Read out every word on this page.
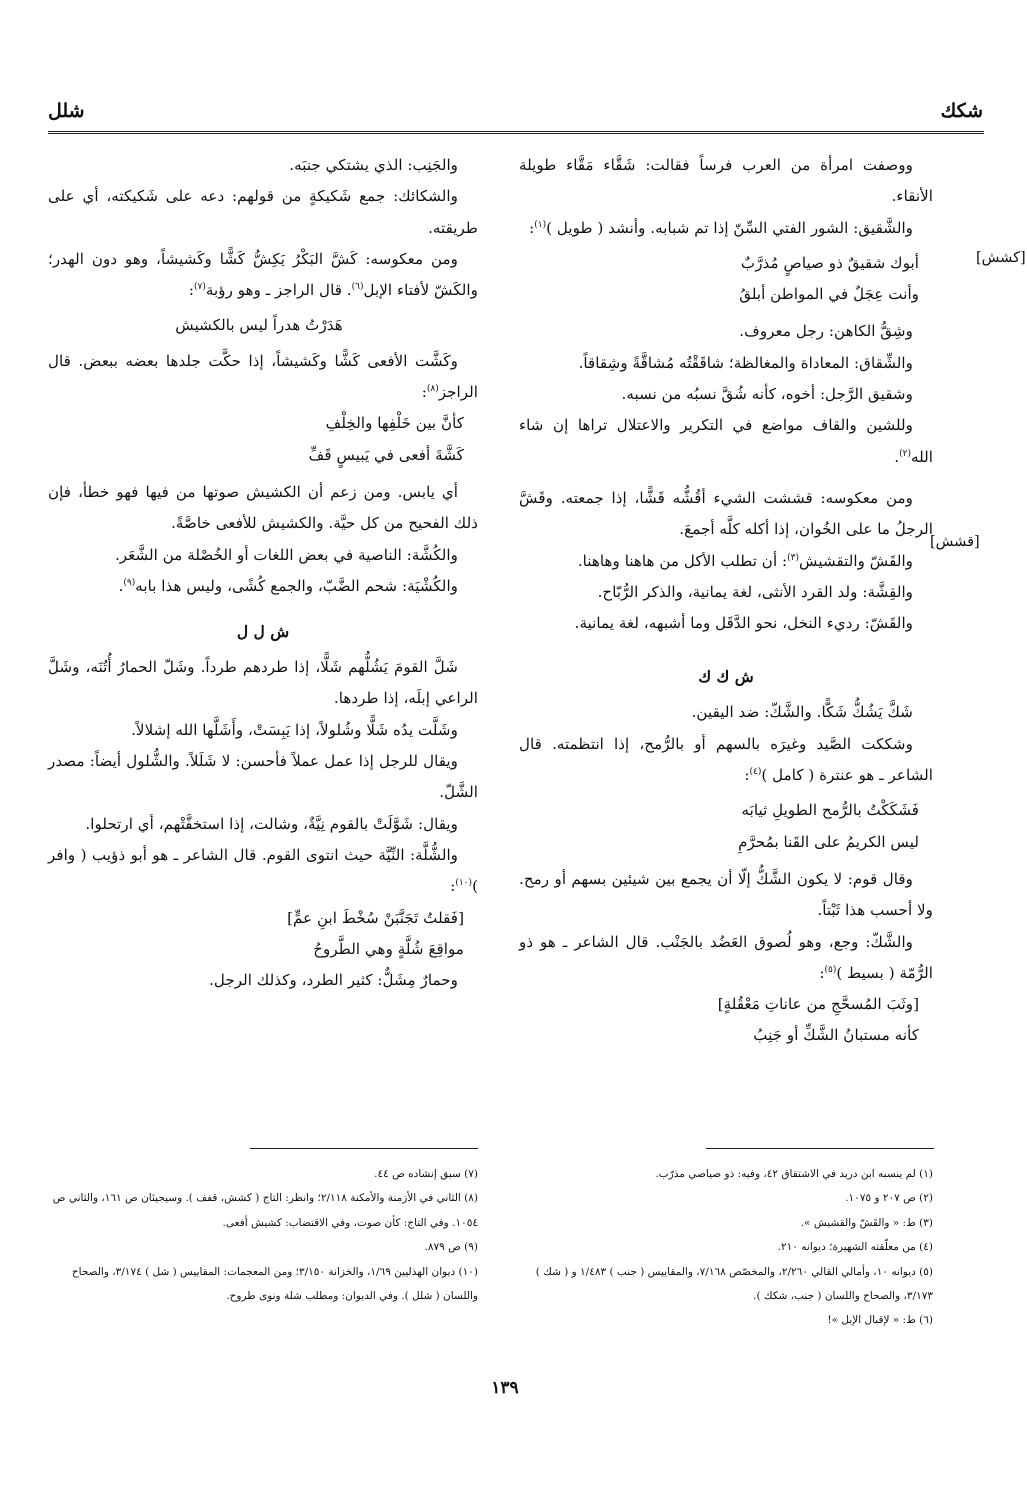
شكك
شلل

ووصفت امرأة من العرب فرساً فقالت: شَقَّاء مَقَّاء طويلة الأنقاء.

والشَّقيق: الشور الفتي السِّنّ إذا تم شبابه. وأنشد ( طويل )$^{(١)}$:

أبوك شقيقٌ ذو صياصٍ مُذرَّبٌ
وأنت عِجَلٌ في المواطن أبلقُ

وشِقُّ الكاهن: رجل معروف.

والشِّقاق: المعاداة والمغالظة؛ شاقَقْتُه مُشاقَّةً وشِقاقاً.

وشقيق الرَّجل: أخوه، كأنه شُقَّ نسبُه من نسبه.

وللشين والقاف مواضع في التكرير والاعتلال تراها إن شاء الله$^{(٢)}$.

ومن معكوسه: قششت الشيء أقُشُّه قَشًّا، إذا جمعته. وقَشَّ الرجلُ ما على الخُوان، إذا أكله كلَّه أجمعَ.

والقَشّ والتقشيش$^{(٣)}$: أن تطلب الأكل من هاهنا وهاهنا.

والقِشَّة: ولد القرد الأنثى، لغة يمانية، والذكر الرُّبّاح.

والقَشّ: رديء النخل، نحو الدَّقَل وما أشبهه، لغة يمانية.

ش ك ك

شَكَّ يَشُكُّ شَكًّا. والشَّكّ: ضد اليقين.

وشككت الصَّيد وغيرَه بالسهم أو بالرُّمح، إذا انتظمته. قال الشاعر ـ هو عنترة ( كامل )$^{(٤)}$:

فَشَكَكْتُ بالرُّمح الطويلِ ثيابَه
ليس الكريمُ على القَنا بمُحرَّمِ

وقال قوم: لا يكون الشَّكُّ إلّا أن يجمع بين شيئين بسهم أو رمح. ولا أحسب هذا ثَبْتاً.

والشَّكّ: وجع، وهو لُصوق العَضُد بالجَنْب. قال الشاعر ـ هو ذو الرُّمّة ( بسيط )$^{(٥)}$:

[وثَبَ المُسحَّجِ من عاناتِ مَعْقُلةٍ]
كأنه مستبانُ الشَّكِّ أو جَنِبُ

والجَنِب: الذي يشتكي جنبَه.

والشكائك: جمع شَكيكةٍ من قولهم: دعه على شَكيكته، أي على طريقته.

ومن معكوسه: كَشَّ البَكْرُ يَكِشُّ كَشًّا وكَشيشاً، وهو دون الهدر؛ والكَشّ لأفتاء الإبل$^{(٦)}$. قال الراجز ـ وهو رؤبة$^{(٧)}$:

هَدَرْتُ هدراً ليس بالكشيش

وكَشَّت الأفعى كَشًّا وكَشيشاً، إذا حكَّت جلدها بعضه ببعض. قال الراجز$^{(٨)}$:

كأنَّ بين خَلْفِها والخِلْفِ
كَشَّةَ أفعى في يَبيسٍ قَفِّ

أي يابس. ومن زعم أن الكشيش صوتها من فيها فهو خطأ، فإن ذلك الفحيح من كل حيَّة. والكشيش للأفعى خاصَّةً.

والكُشَّة: الناصية في بعض اللغات أو الخُصْلة من الشَّعَر.

والكُشْيَة: شحم الضَّبّ، والجمع كُشًى، وليس هذا بابه$^{(٩)}$.

ش ل ل

شَلَّ القومَ يَشُلُّهم شَلًّا، إذا طردهم طرداً. وشَلّ الحمارُ أُتُنَه، وشَلَّ الراعي إبلَه، إذا طردها.

وشَلَّت يدُه شَلًّا وشُلولاً، إذا يَبِسَتْ، وأَشَلَّها الله إشلالاً.

ويقال للرجل إذا عمل عملاً فأحسن: لا شَلَلاً. والشُّلول أيضاً: مصدر الشَّلّ.

ويقال: شَوَّلَتْ بالقوم نِيَّةٌ، وشالت، إذا استخفَّتْهم، أي ارتحلوا.

والشُّلَّة: النِّيَّة حيث انتوى القوم. قال الشاعر ـ هو أبو ذؤيب ( وافر )$^{(١٠)}$:

[فَقلتُ تَجَنَّبَنْ سُخْطَ ابنِ عمٍّ]
مواقِعَ شُلَّةٍ وهي الطَّروحُ

وحمارٌ مِشَلٌّ: كثير الطرد، وكذلك الرجل.

[قشش]
[كشش]

(١) لم ينسبه ابن دريد في الاشتقاق ٤٢، وفيه: ذو صياصي مذرّب.

(٢) ص ٢٠٧ و ١٠٧٥.

(٣) ط: « والقَشّ والقشيش ».

(٤) من معلّقته الشهيرة؛ ديوانه ٢١٠.

(٥) ديوانه ١٠، وأمالي القالي ٢/٢٦٠، والمخصّص ٧/١٦٨، والمقاييس ( جنب ) ١/٤٨٣ و ( شك ) ٣/١٧٣، والصحاح واللسان ( جنب، شكك ).

(٦) ط: « لإقبال الإبل »!

(٧) سبق إنشاده ص ٤٤.

(٨) الثاني في الأزمنة والأمكنة ٢/١١٨؛ وانظر: التاج ( كشش، قفف ). وسيجيئان ص ١٦١، والثاني ص ١٠٥٤. وفي التاج: كأن صوت، وفي الاقتضاب: كشيش أفعى.

(٩) ص ٨٧٩.

(١٠) ديوان الهذليين ١/٦٩، والخزانة ٣/١٥٠؛ ومن المعجمات: المقاييس ( شل ) ٣/١٧٤، والصحاح واللسان ( شلل ). وفي الديوان: ومطلب شلة ونوى طروح.

١٣٩
